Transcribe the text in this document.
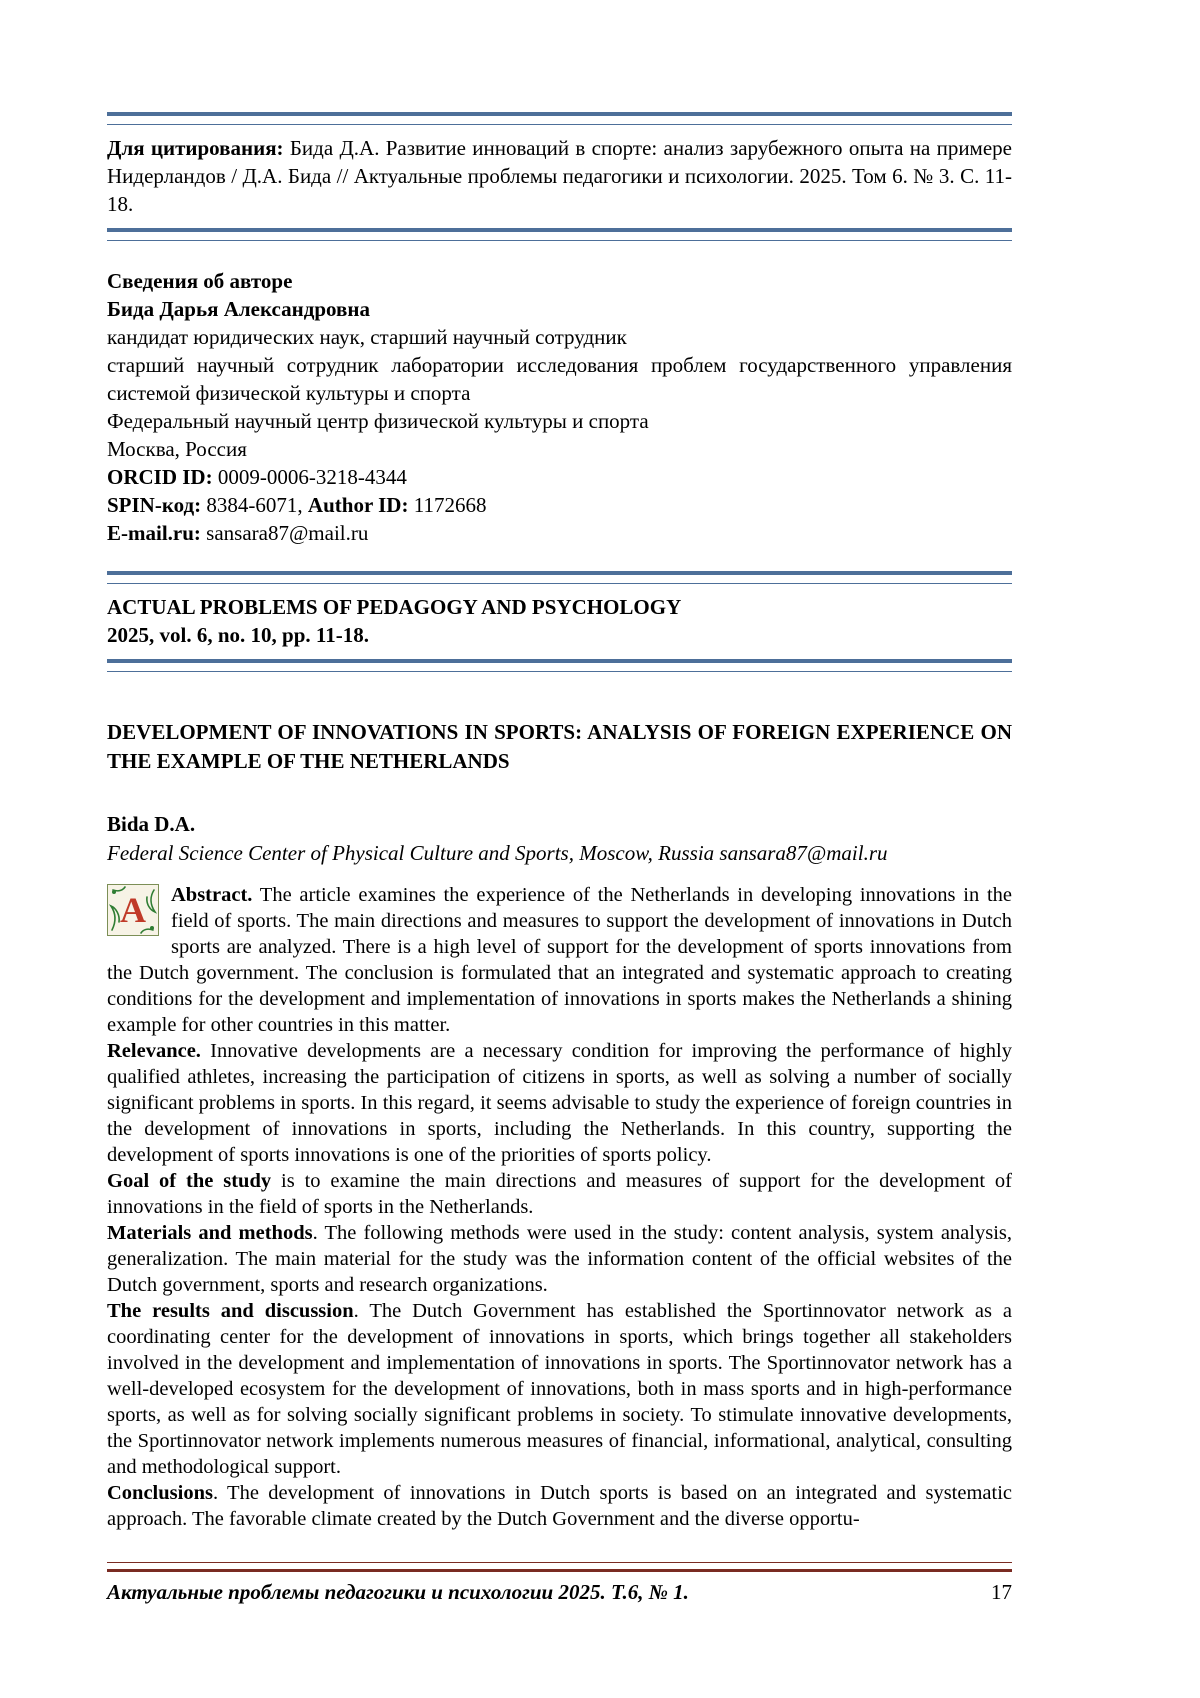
Для цитирования: Бида Д.А. Развитие инноваций в спорте: анализ зарубежного опыта на примере Нидерландов / Д.А. Бида // Актуальные проблемы педагогики и психологии. 2025. Том 6. № 3. С. 11-18.

Сведения об авторе

Бида Дарья Александровна

кандидат юридических наук, старший научный сотрудник

старший научный сотрудник лаборатории исследования проблем государственного управления системой физической культуры и спорта

Федеральный научный центр физической культуры и спорта

Москва, Россия

ORCID ID: 0009-0006-3218-4344

SPIN-код: 8384-6071, Author ID: 1172668

E-mail.ru: sansara87@mail.ru

ACTUAL PROBLEMS OF PEDAGOGY AND PSYCHOLOGY

2025, vol. 6, no. 10, pp. 11-18.

DEVELOPMENT OF INNOVATIONS IN SPORTS: ANALYSIS OF FOREIGN EXPERIENCE ON THE EXAMPLE OF THE NETHERLANDS

Bida D.A.

Federal Science Center of Physical Culture and Sports, Moscow, Russia sansara87@mail.ru

A Abstract. The article examines the experience of the Netherlands in developing innovations in the field of sports. The main directions and measures to support the development of innovations in Dutch sports are analyzed. There is a high level of support for the development of sports innovations from the Dutch government. The conclusion is formulated that an integrated and systematic approach to creating conditions for the development and implementation of innovations in sports makes the Netherlands a shining example for other countries in this matter.

Relevance. Innovative developments are a necessary condition for improving the performance of highly qualified athletes, increasing the participation of citizens in sports, as well as solving a number of socially significant problems in sports. In this regard, it seems advisable to study the experience of foreign countries in the development of innovations in sports, including the Netherlands. In this country, supporting the development of sports innovations is one of the priorities of sports policy.

Goal of the study is to examine the main directions and measures of support for the development of innovations in the field of sports in the Netherlands.

Materials and methods. The following methods were used in the study: content analysis, system analysis, generalization. The main material for the study was the information content of the official websites of the Dutch government, sports and research organizations.

The results and discussion. The Dutch Government has established the Sportinnovator network as a coordinating center for the development of innovations in sports, which brings together all stakeholders involved in the development and implementation of innovations in sports. The Sportinnovator network has a well-developed ecosystem for the development of innovations, both in mass sports and in high-performance sports, as well as for solving socially significant problems in society. To stimulate innovative developments, the Sportinnovator network implements numerous measures of financial, informational, analytical, consulting and methodological support.

Conclusions. The development of innovations in Dutch sports is based on an integrated and systematic approach. The favorable climate created by the Dutch Government and the diverse opportu-

Актуальные проблемы педагогики и психологии 2025. Т.6, № 1.	17
